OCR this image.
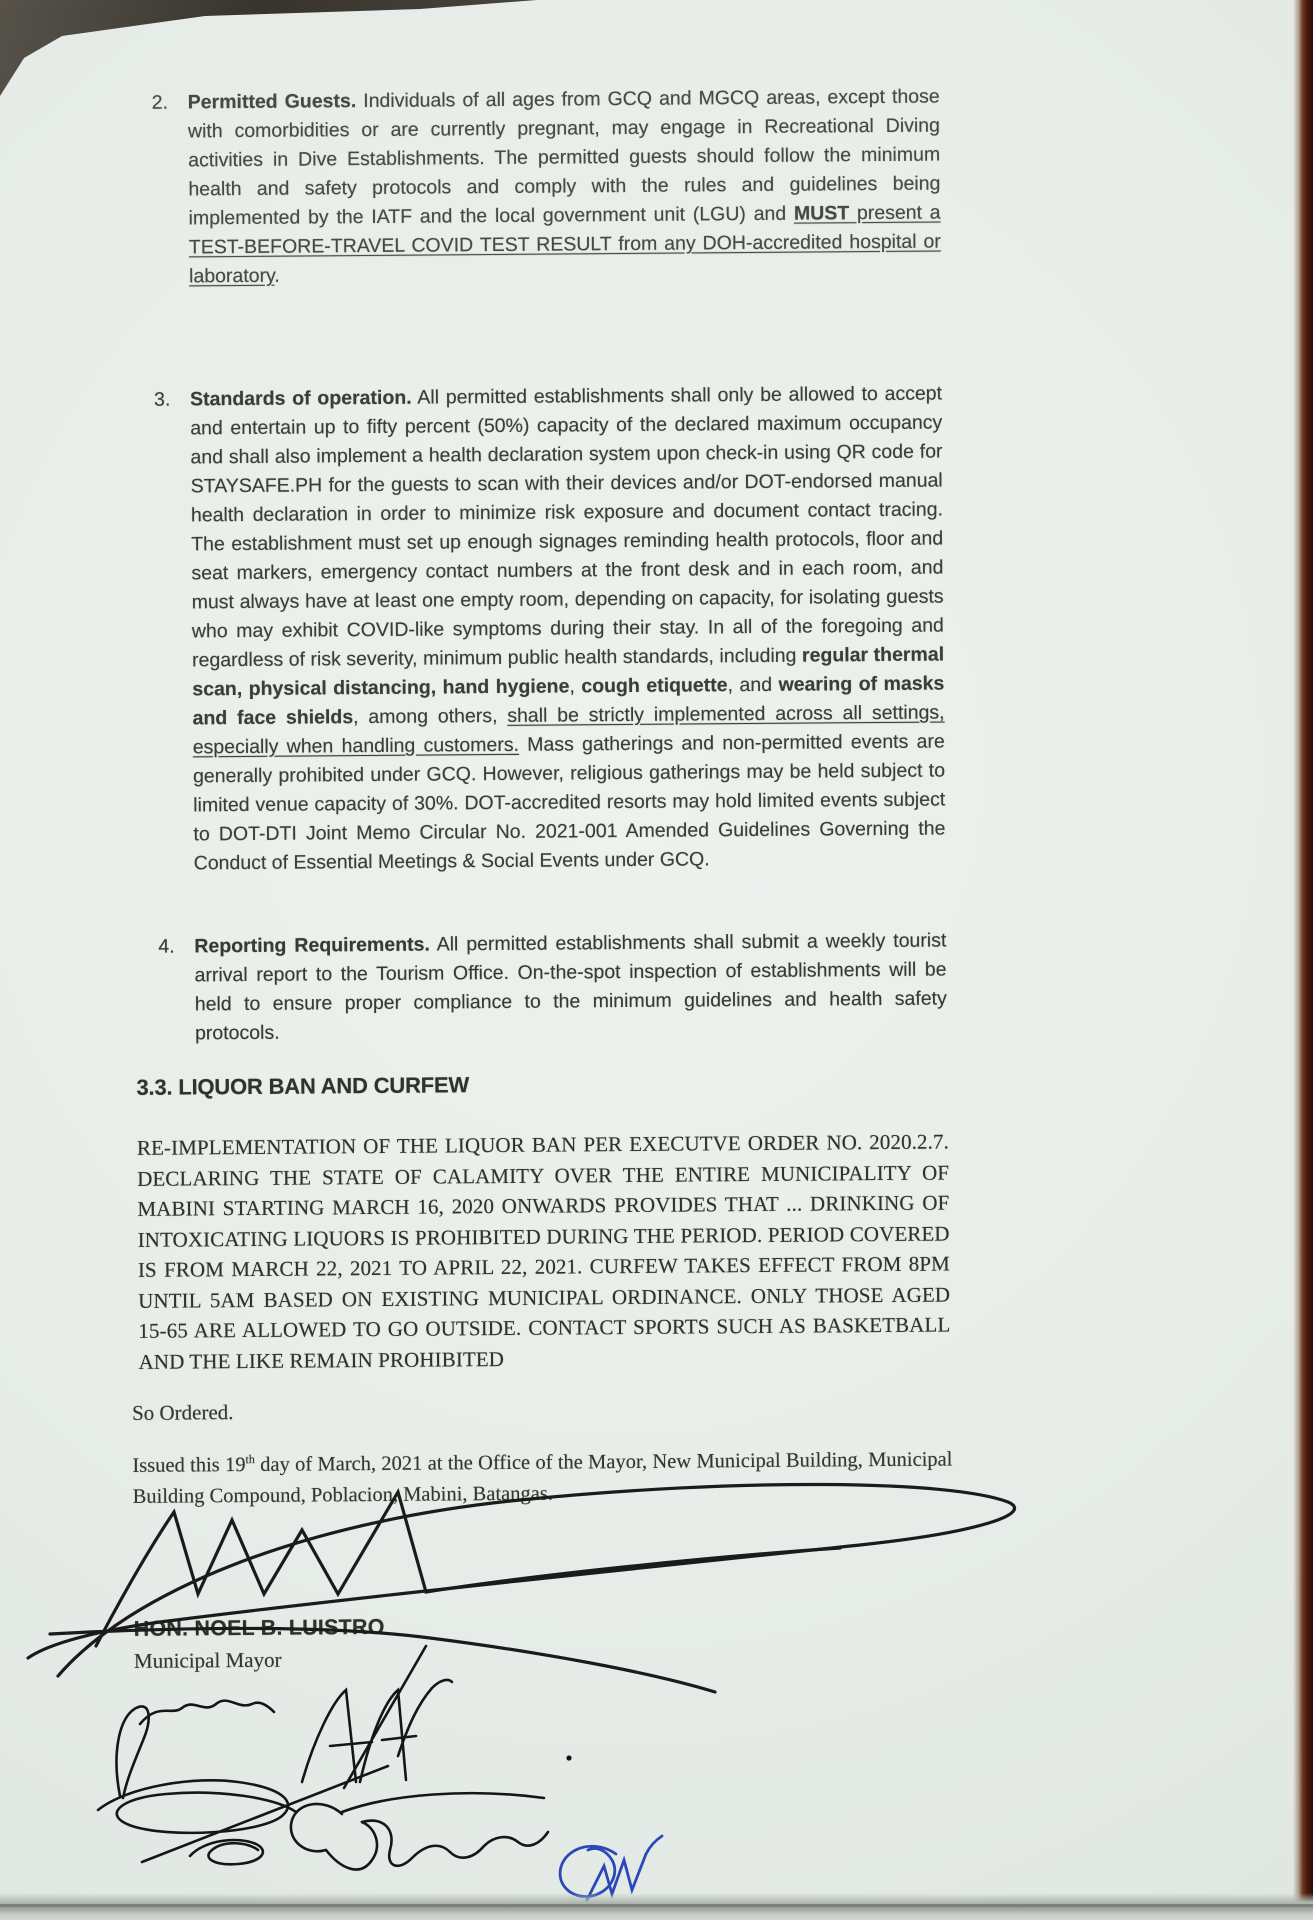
2.	Permitted Guests. Individuals of all ages from GCQ and MGCQ areas, except those with comorbidities or are currently pregnant, may engage in Recreational Diving activities in Dive Establishments. The permitted guests should follow the minimum health and safety protocols and comply with the rules and guidelines being implemented by the IATF and the local government unit (LGU) and MUST present a TEST-BEFORE-TRAVEL COVID TEST RESULT from any DOH-accredited hospital or laboratory.
3.	Standards of operation. All permitted establishments shall only be allowed to accept and entertain up to fifty percent (50%) capacity of the declared maximum occupancy and shall also implement a health declaration system upon check-in using QR code for STAYSAFE.PH for the guests to scan with their devices and/or DOT-endorsed manual health declaration in order to minimize risk exposure and document contact tracing. The establishment must set up enough signages reminding health protocols, floor and seat markers, emergency contact numbers at the front desk and in each room, and must always have at least one empty room, depending on capacity, for isolating guests who may exhibit COVID-like symptoms during their stay. In all of the foregoing and regardless of risk severity, minimum public health standards, including regular thermal scan, physical distancing, hand hygiene, cough etiquette, and wearing of masks and face shields, among others, shall be strictly implemented across all settings, especially when handling customers. Mass gatherings and non-permitted events are generally prohibited under GCQ. However, religious gatherings may be held subject to limited venue capacity of 30%. DOT-accredited resorts may hold limited events subject to DOT-DTI Joint Memo Circular No. 2021-001 Amended Guidelines Governing the Conduct of Essential Meetings & Social Events under GCQ.
4.	Reporting Requirements. All permitted establishments shall submit a weekly tourist arrival report to the Tourism Office. On-the-spot inspection of establishments will be held to ensure proper compliance to the minimum guidelines and health safety protocols.
3.3. LIQUOR BAN AND CURFEW
RE-IMPLEMENTATION OF THE LIQUOR BAN PER EXECUTVE ORDER NO. 2020.2.7. DECLARING THE STATE OF CALAMITY OVER THE ENTIRE MUNICIPALITY OF MABINI STARTING MARCH 16, 2020 ONWARDS PROVIDES THAT ... DRINKING OF INTOXICATING LIQUORS IS PROHIBITED DURING THE PERIOD. PERIOD COVERED IS FROM MARCH 22, 2021 TO APRIL 22, 2021. CURFEW TAKES EFFECT FROM 8PM UNTIL 5AM BASED ON EXISTING MUNICIPAL ORDINANCE. ONLY THOSE AGED 15-65 ARE ALLOWED TO GO OUTSIDE. CONTACT SPORTS SUCH AS BASKETBALL AND THE LIKE REMAIN PROHIBITED
So Ordered.
Issued this 19th day of March, 2021 at the Office of the Mayor, New Municipal Building, Municipal Building Compound, Poblacion, Mabini, Batangas.
HON. NOEL B. LUISTRO
Municipal Mayor
